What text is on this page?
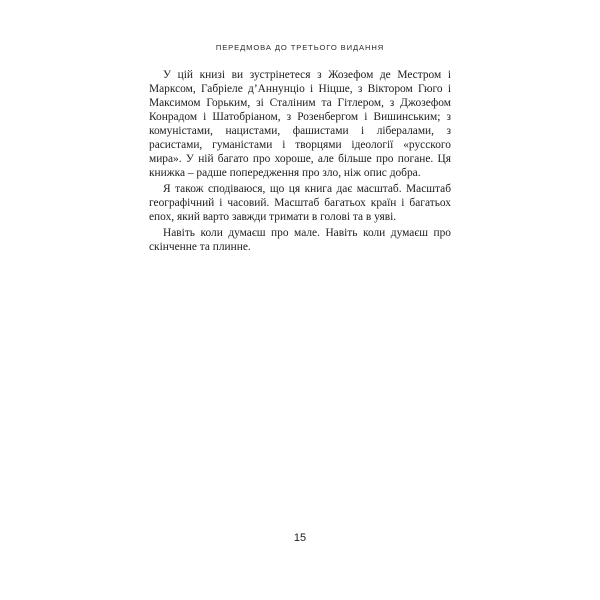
ПЕРЕДМОВА ДО ТРЕТЬОГО ВИДАННЯ

У цій книзі ви зустрінетеся з Жозефом де Местром і Марксом, Габріеле д’Аннунціо і Ніцше, з Віктором Гюго і Максимом Горьким, зі Сталіним та Гітлером, з Джозефом Конрадом і Шатобріаном, з Розенбергом і Вишинським; з комуністами, нацистами, фашистами і лібералами, з расистами, гуманістами і творцями ідеології «русского мира». У ній багато про хороше, але більше про погане. Ця книжка – радше попередження про зло, ніж опис добра.

Я також сподіваюся, що ця книга дає масштаб. Масштаб географічний і часовий. Масштаб багатьох країн і багатьох епох, який варто завжди тримати в голові та в уяві.

Навіть коли думаєш про мале. Навіть коли думаєш про скінченне та плинне.

15
